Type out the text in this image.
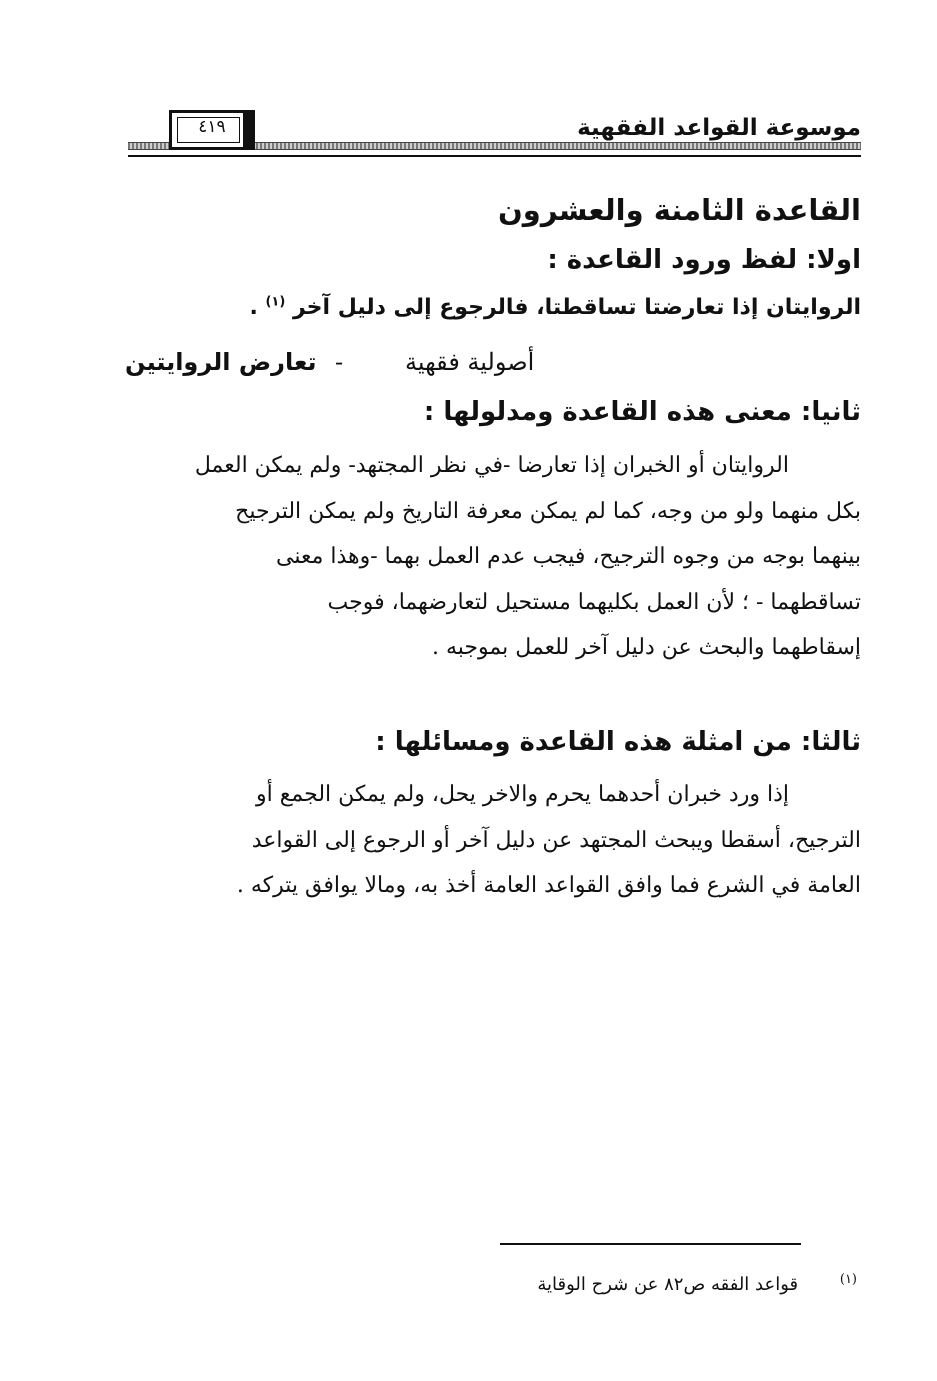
موسوعة القواعد الفقهية
٤١٩
القاعدة الثامنة والعشرون
اولا: لفظ ورود القاعدة :
الروايتان إذا تعارضتا تساقطتا، فالرجوع إلى دليل آخر $^{(١)}$ .
تعارض الروايتين -	أصولية فقهية
ثانيا: معنى هذه القاعدة ومدلولها :

الروايتان أو الخبران إذا تعارضا -في نظر المجتهد- ولم يمكن العمل

بكل منهما ولو من وجه، كما لم يمكن معرفة التاريخ ولم يمكن الترجيح

بينهما بوجه من وجوه الترجيح، فيجب عدم العمل بهما -وهذا معنى

تساقطهما - ؛ لأن العمل بكليهما مستحيل لتعارضهما، فوجب

إسقاطهما والبحث عن دليل آخر للعمل بموجبه .

ثالثا: من امثلة هذه القاعدة ومسائلها :

إذا ورد خبران أحدهما يحرم والاخر يحل، ولم يمكن الجمع أو

الترجيح، أسقطا ويبحث المجتهد عن دليل آخر أو الرجوع إلى القواعد

العامة في الشرع فما وافق القواعد العامة أخذ به، ومالا يوافق يتركه .

$^{(١)}$ قواعد الفقه ص٨٢ عن شرح الوقاية
